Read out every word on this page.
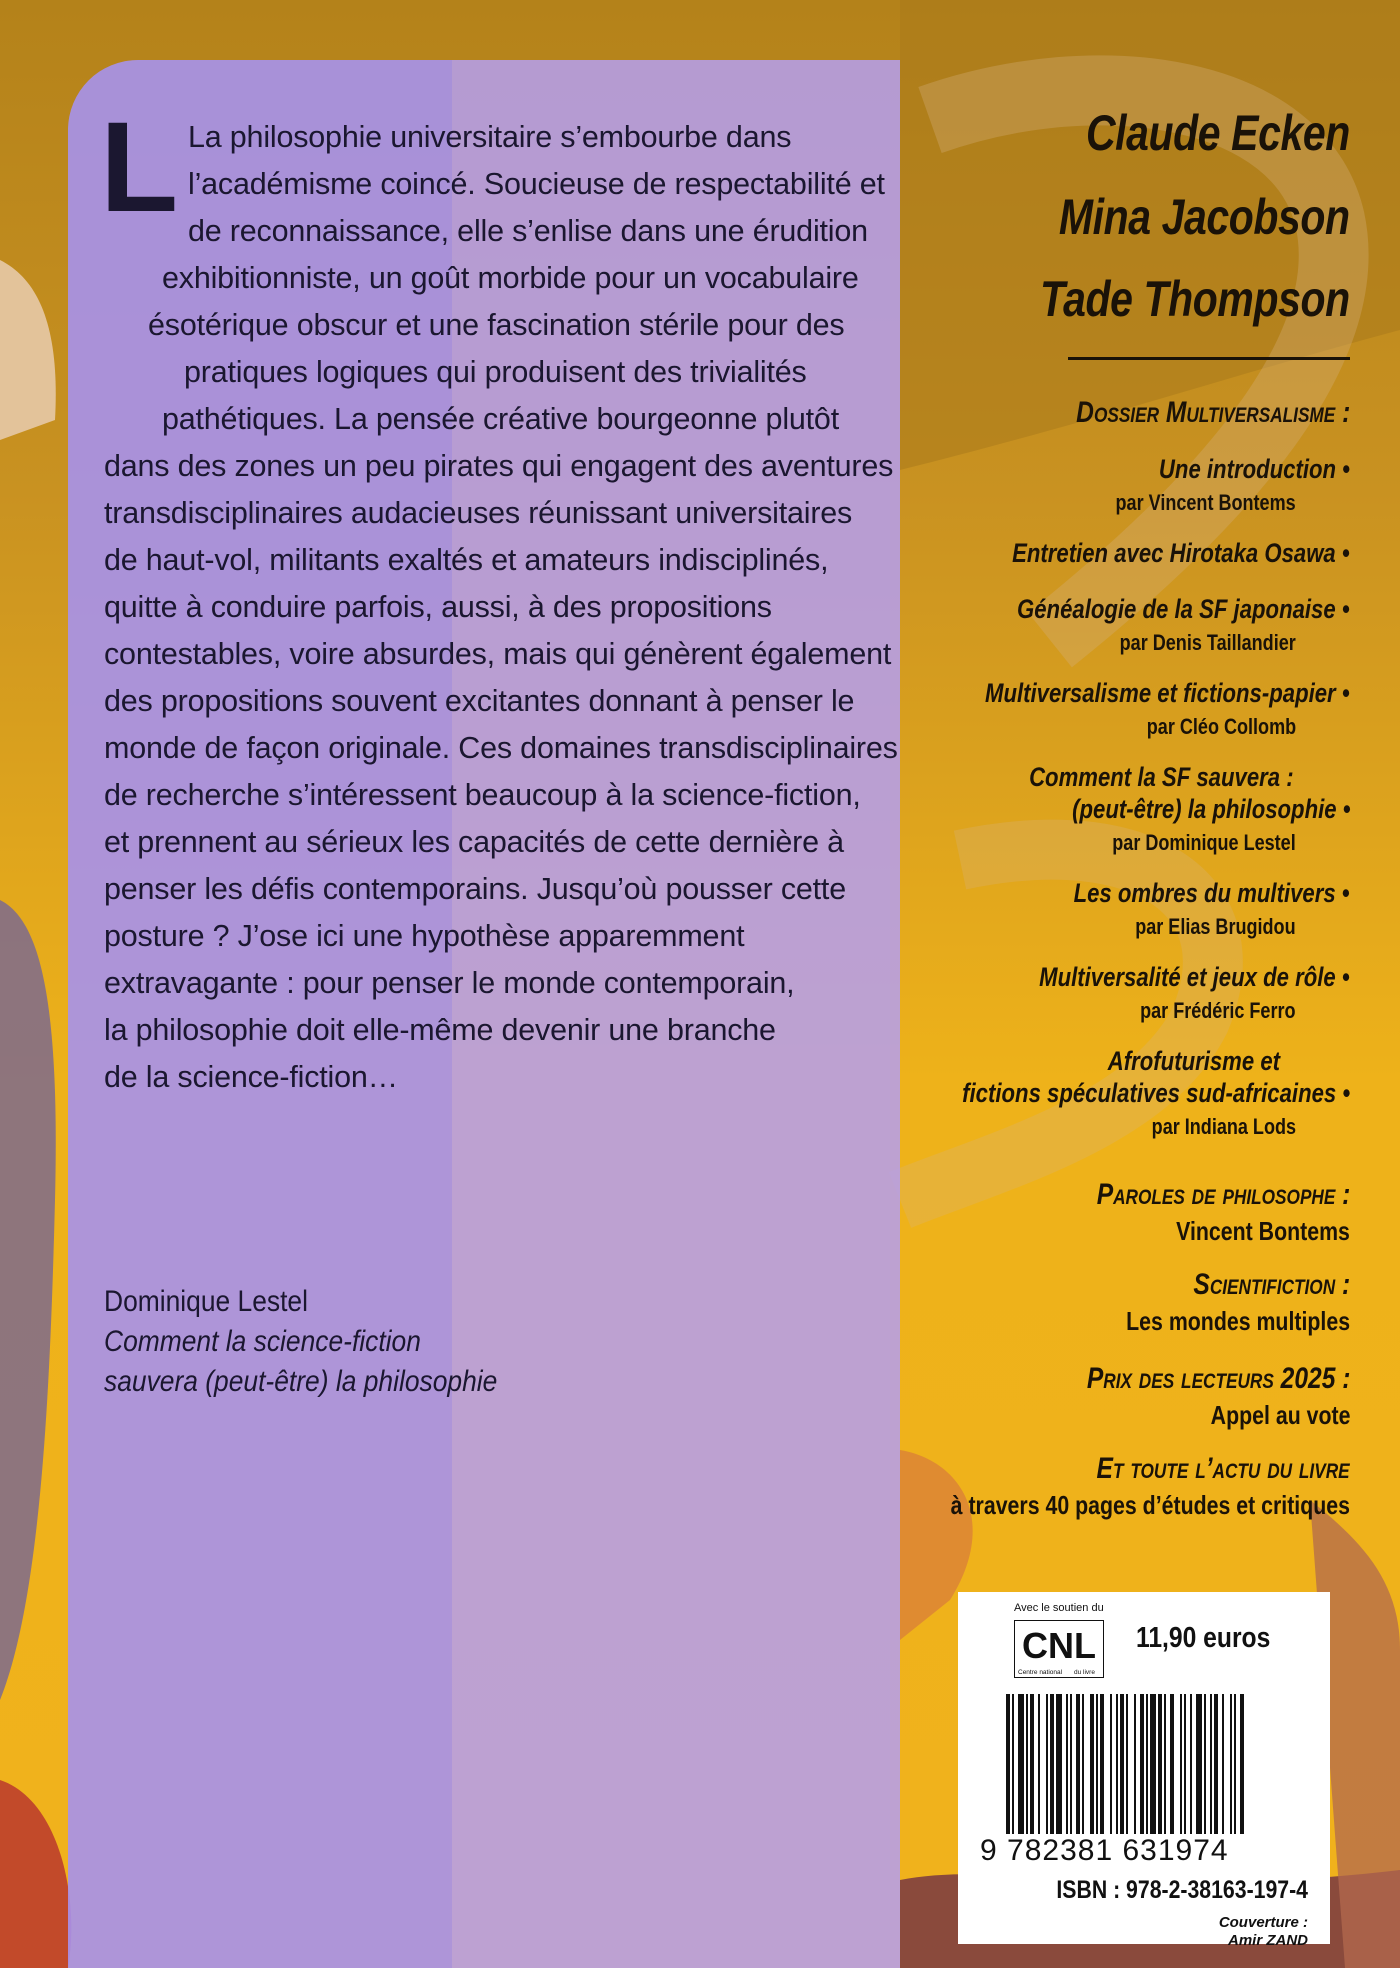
L La philosophie universitaire s’embourbe dans
l’académisme coincé. Soucieuse de respectabilité et
de reconnaissance, elle s’enlise dans une érudition
exhibitionniste, un goût morbide pour un vocabulaire
ésotérique obscur et une fascination stérile pour des
pratiques logiques qui produisent des trivialités
pathétiques. La pensée créative bourgeonne plutôt
dans des zones un peu pirates qui engagent des aventures
transdisciplinaires audacieuses réunissant universitaires
de haut-vol, militants exaltés et amateurs indisciplinés,
quitte à conduire parfois, aussi, à des propositions
contestables, voire absurdes, mais qui génèrent également
des propositions souvent excitantes donnant à penser le
monde de façon originale. Ces domaines transdisciplinaires
de recherche s’intéressent beaucoup à la science-fiction,
et prennent au sérieux les capacités de cette dernière à
penser les défis contemporains. Jusqu’où pousser cette
posture ? J’ose ici une hypothèse apparemment
extravagante : pour penser le monde contemporain,
la philosophie doit elle-même devenir une branche
de la science-fiction…
Dominique Lestel
Comment la science-fiction
sauvera (peut-être) la philosophie
Claude Ecken
Mina Jacobson
Tade Thompson
Dossier Multiversalisme :
Une introduction •
par Vincent Bontems
Entretien avec Hirotaka Osawa •
Généalogie de la SF japonaise •
par Denis Taillandier
Multiversalisme et fictions-papier •
par Cléo Collomb
Comment la SF sauvera :
(peut-être) la philosophie •
par Dominique Lestel
Les ombres du multivers •
par Elias Brugidou
Multiversalité et jeux de rôle •
par Frédéric Ferro
Afrofuturisme et
fictions spéculatives sud-africaines •
par Indiana Lods
Paroles de philosophe :
Vincent Bontems
Scientifiction :
Les mondes multiples
Prix des lecteurs 2025 :
Appel au vote
Et toute l’actu du livre
à travers 40 pages d’études et critiques
Avec le soutien du
CNL
Centre national du livre
11,90 euros
9 782381 631974
ISBN : 978-2-38163-197-4
Couverture :
Amir ZAND
